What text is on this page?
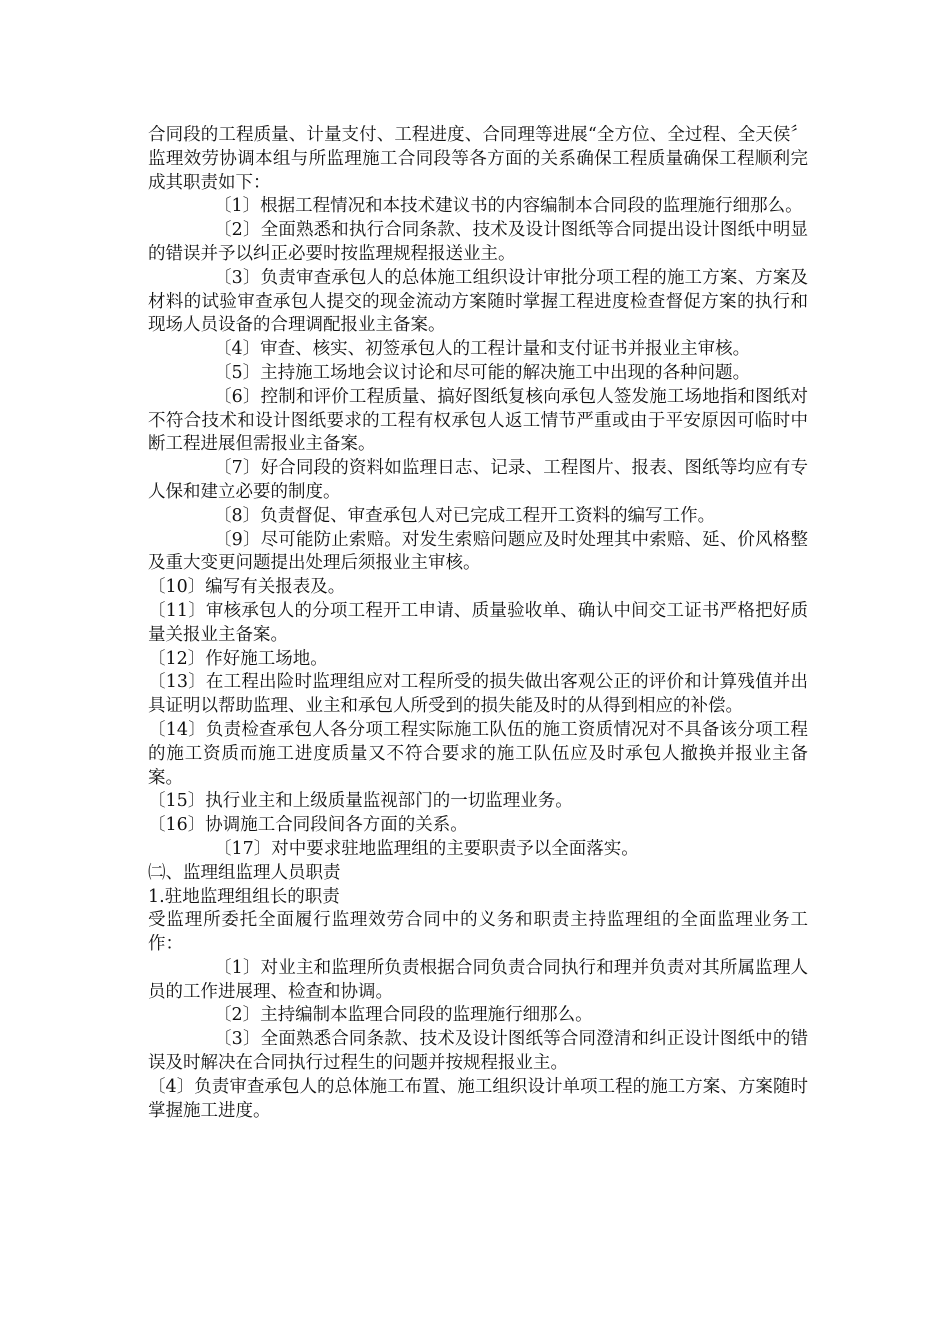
合同段的工程质量、计量支付、工程进度、合同理等进展“全方位、全过程、全天侯〞监理效劳协调本组与所监理施工合同段等各方面的关系确保工程质量确保工程顺利完成其职责如下：

〔1〕根据工程情况和本技术建议书的内容编制本合同段的监理施行细那么。

〔2〕全面熟悉和执行合同条款、技术及设计图纸等合同提出设计图纸中明显的错误并予以纠正必要时按监理规程报送业主。

〔3〕负责审查承包人的总体施工组织设计审批分项工程的施工方案、方案及材料的试验审查承包人提交的现金流动方案随时掌握工程进度检查督促方案的执行和现场人员设备的合理调配报业主备案。

〔4〕审查、核实、初签承包人的工程计量和支付证书并报业主审核。

〔5〕主持施工场地会议讨论和尽可能的解决施工中出现的各种问题。

〔6〕控制和评价工程质量、搞好图纸复核向承包人签发施工场地指和图纸对不符合技术和设计图纸要求的工程有权承包人返工情节严重或由于平安原因可临时中断工程进展但需报业主备案。

〔7〕好合同段的资料如监理日志、记录、工程图片、报表、图纸等均应有专人保和建立必要的制度。

〔8〕负责督促、审查承包人对已完成工程开工资料的编写工作。

〔9〕尽可能防止索赔。对发生索赔问题应及时处理其中索赔、延、价风格整及重大变更问题提出处理后须报业主审核。

〔10〕编写有关报表及。

〔11〕审核承包人的分项工程开工申请、质量验收单、确认中间交工证书严格把好质量关报业主备案。

〔12〕作好施工场地。

〔13〕在工程出险时监理组应对工程所受的损失做出客观公正的评价和计算残值并出具证明以帮助监理、业主和承包人所受到的损失能及时的从得到相应的补偿。

〔14〕负责检查承包人各分项工程实际施工队伍的施工资质情况对不具备该分项工程的施工资质而施工进度质量又不符合要求的施工队伍应及时承包人撤换并报业主备案。

〔15〕执行业主和上级质量监视部门的一切监理业务。

〔16〕协调施工合同段间各方面的关系。

〔17〕对中要求驻地监理组的主要职责予以全面落实。

㈡、监理组监理人员职责

1.驻地监理组组长的职责

受监理所委托全面履行监理效劳合同中的义务和职责主持监理组的全面监理业务工作：

〔1〕对业主和监理所负责根据合同负责合同执行和理并负责对其所属监理人员的工作进展理、检查和协调。

〔2〕主持编制本监理合同段的监理施行细那么。

〔3〕全面熟悉合同条款、技术及设计图纸等合同澄清和纠正设计图纸中的错误及时解决在合同执行过程生的问题并按规程报业主。

〔4〕负责审查承包人的总体施工布置、施工组织设计单项工程的施工方案、方案随时掌握施工进度。
